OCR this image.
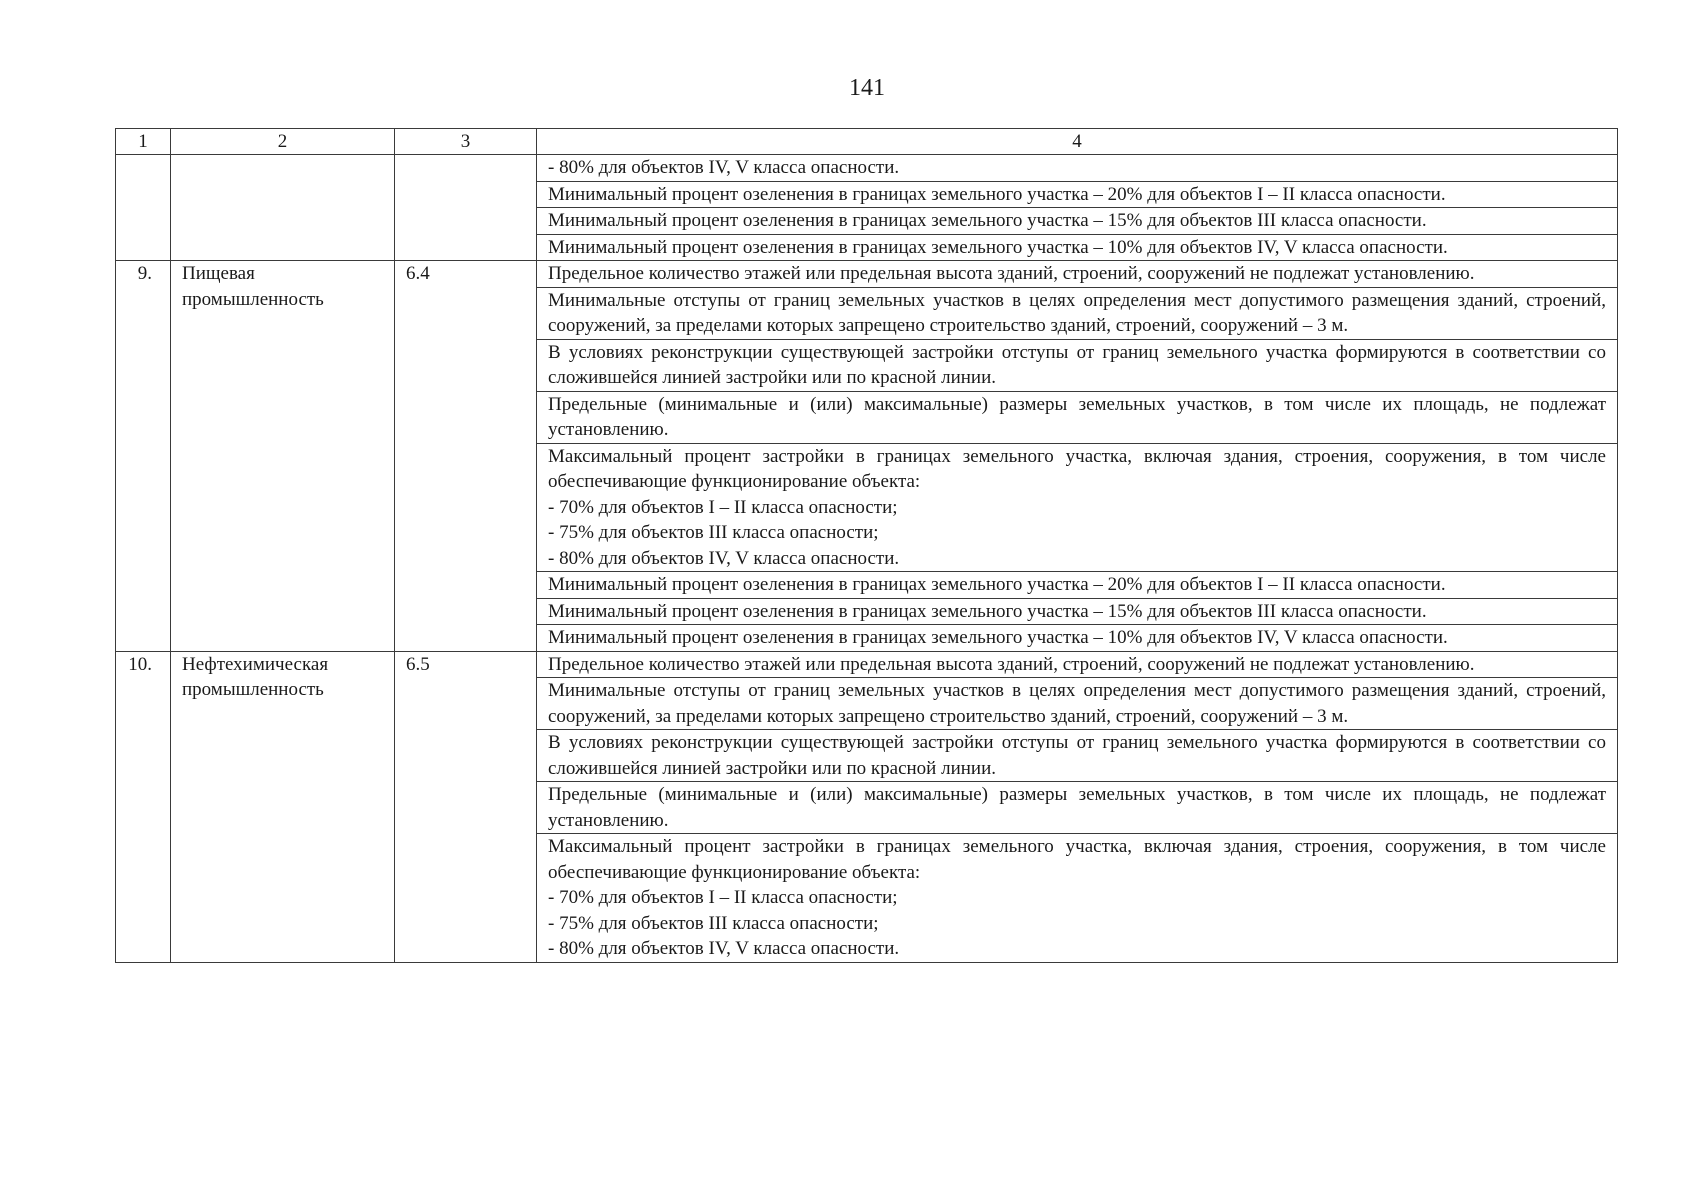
141
1	2	3	4
			- 80% для объектов IV, V класса опасности.
			Минимальный процент озеленения в границах земельного участка – 20% для объектов I – II класса опасности.
			Минимальный процент озеленения в границах земельного участка – 15% для объектов III класса опасности.
			Минимальный процент озеленения в границах земельного участка – 10% для объектов IV, V класса опасности.
9.	Пищевая промышленность	6.4	Предельное количество этажей или предельная высота зданий, строений, сооружений не подлежат установлению.
			Минимальные отступы от границ земельных участков в целях определения мест допустимого размещения зданий, строений, сооружений, за пределами которых запрещено строительство зданий, строений, сооружений – 3 м.
			В условиях реконструкции существующей застройки отступы от границ земельного участка формируются в соответствии со сложившейся линией застройки или по красной линии.
			Предельные (минимальные и (или) максимальные) размеры земельных участков, в том числе их площадь, не подлежат установлению.

			Максимальный процент застройки в границах земельного участка, включая здания, строения, сооружения, в том числе обеспечивающие функционирование объекта:
- 70% для объектов I – II класса опасности;
- 75% для объектов III класса опасности;
- 80% для объектов IV, V класса опасности.

			Минимальный процент озеленения в границах земельного участка – 20% для объектов I – II класса опасности.
			Минимальный процент озеленения в границах земельного участка – 15% для объектов III класса опасности.
			Минимальный процент озеленения в границах земельного участка – 10% для объектов IV, V класса опасности.
10.	Нефтехимическая промышленность	6.5	Предельное количество этажей или предельная высота зданий, строений, сооружений не подлежат установлению.
			Минимальные отступы от границ земельных участков в целях определения мест допустимого размещения зданий, строений, сооружений, за пределами которых запрещено строительство зданий, строений, сооружений – 3 м.
			В условиях реконструкции существующей застройки отступы от границ земельного участка формируются в соответствии со сложившейся линией застройки или по красной линии.
			Предельные (минимальные и (или) максимальные) размеры земельных участков, в том числе их площадь, не подлежат установлению.

			Максимальный процент застройки в границах земельного участка, включая здания, строения, сооружения, в том числе обеспечивающие функционирование объекта:
- 70% для объектов I – II класса опасности;
- 75% для объектов III класса опасности;
- 80% для объектов IV, V класса опасности.
